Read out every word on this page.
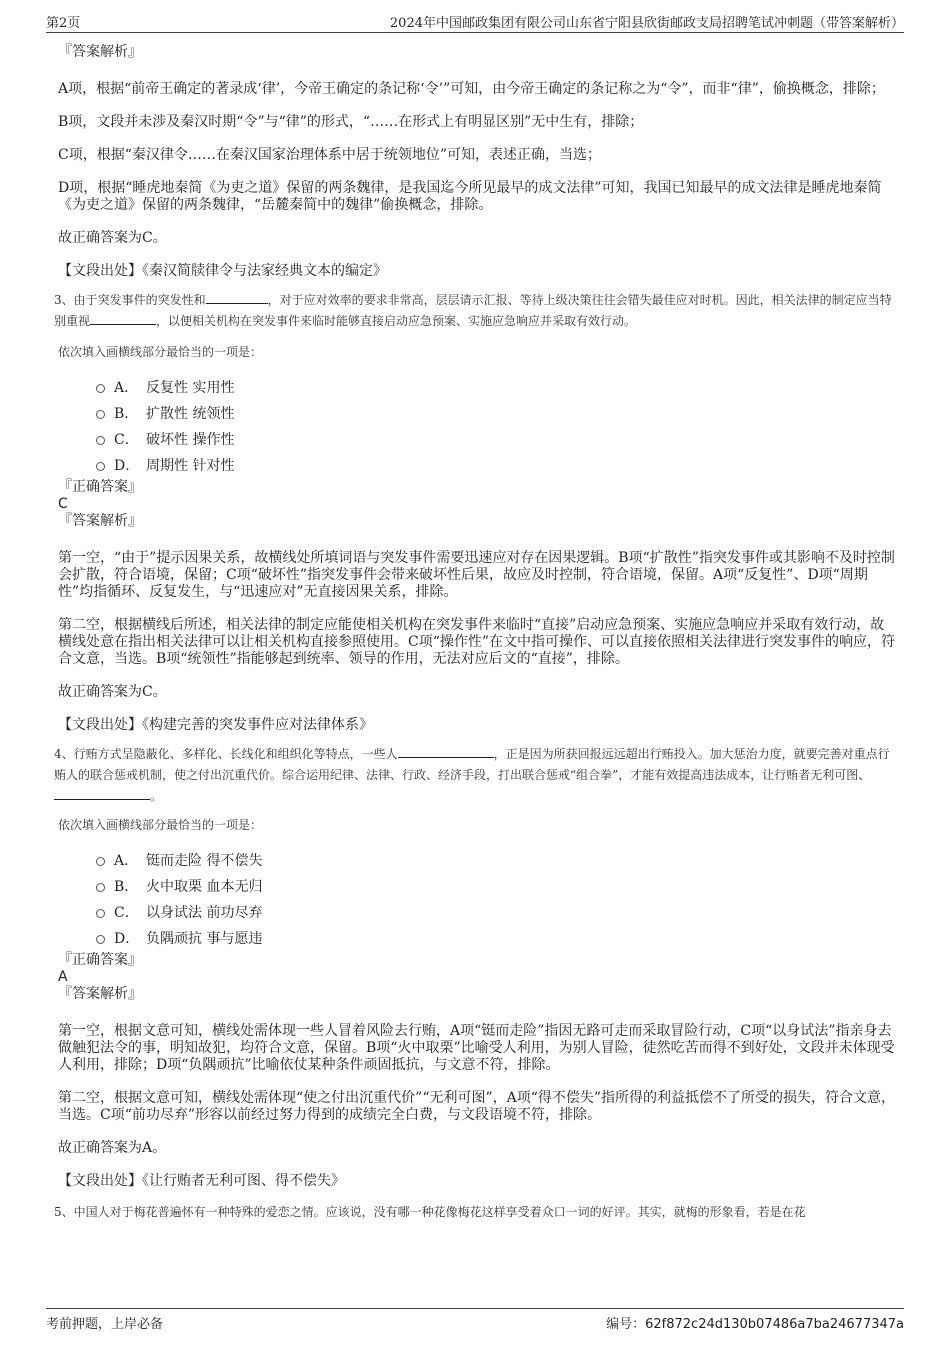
第2页	2024年中国邮政集团有限公司山东省宁阳县欣街邮政支局招聘笔试冲刺题（带答案解析）

『答案解析』

A项，根据“前帝王确定的著录成‘律’，今帝王确定的条记称‘令’”可知，由今帝王确定的条记称之为“令”，而非“律”，偷换概念，排除；

B项，文段并未涉及秦汉时期“令”与“律”的形式，“……在形式上有明显区别”无中生有，排除；

C项，根据“秦汉律令……在秦汉国家治理体系中居于统领地位”可知，表述正确，当选；

D项，根据“睡虎地秦简《为吏之道》保留的两条魏律，是我国迄今所见最早的成文法律”可知，我国已知最早的成文法律是睡虎地秦简《为吏之道》保留的两条魏律，“岳麓秦简中的魏律”偷换概念，排除。

故正确答案为C。

【文段出处】《秦汉简牍律令与法家经典文本的编定》

3、由于突发事件的突发性和	，对于应对效率的要求非常高，层层请示汇报、等待上级决策往往会错失最佳应对时机。因此，相关法律的制定应当特别重视	，以便相关机构在突发事件来临时能够直接启动应急预案、实施应急响应并采取有效行动。

依次填入画横线部分最恰当的一项是：

A． 反复性 实用性
B． 扩散性 统领性
C． 破坏性 操作性
D． 周期性 针对性

『正确答案』

C

『答案解析』

第一空，“由于”提示因果关系，故横线处所填词语与突发事件需要迅速应对存在因果逻辑。B项“扩散性”指突发事件或其影响不及时控制会扩散，符合语境，保留；C项“破坏性”指突发事件会带来破坏性后果，故应及时控制，符合语境，保留。A项“反复性”、D项“周期性”均指循环、反复发生，与“迅速应对”无直接因果关系，排除。

第二空，根据横线后所述，相关法律的制定应能使相关机构在突发事件来临时“直接”启动应急预案、实施应急响应并采取有效行动，故横线处意在指出相关法律可以让相关机构直接参照使用。C项“操作性”在文中指可操作、可以直接依照相关法律进行突发事件的响应，符合文意，当选。B项“统领性”指能够起到统率、领导的作用，无法对应后文的“直接”，排除。

故正确答案为C。

【文段出处】《构建完善的突发事件应对法律体系》

4、行贿方式呈隐蔽化、多样化、长线化和组织化等特点，一些人	，正是因为所获回报远远超出行贿投入。加大惩治力度，就要完善对重点行贿人的联合惩戒机制，使之付出沉重代价。综合运用纪律、法律、行政、经济手段，打出联合惩戒“组合拳”，才能有效提高违法成本，让行贿者无利可图、。

依次填入画横线部分最恰当的一项是：

A． 铤而走险 得不偿失
B． 火中取栗 血本无归
C． 以身试法 前功尽弃
D． 负隅顽抗 事与愿违

『正确答案』

A

『答案解析』

第一空，根据文意可知，横线处需体现一些人冒着风险去行贿，A项“铤而走险”指因无路可走而采取冒险行动，C项“以身试法”指亲身去做触犯法令的事，明知故犯，均符合文意，保留。B项“火中取栗”比喻受人利用，为别人冒险，徒然吃苦而得不到好处，文段并未体现受人利用，排除；D项“负隅顽抗”比喻依仗某种条件顽固抵抗，与文意不符，排除。

第二空，根据文意可知，横线处需体现“使之付出沉重代价”“无利可图”，A项“得不偿失”指所得的利益抵偿不了所受的损失，符合文意，当选。C项“前功尽弃”形容以前经过努力得到的成绩完全白费，与文段语境不符，排除。

故正确答案为A。

【文段出处】《让行贿者无利可图、得不偿失》

5、中国人对于梅花普遍怀有一种特殊的爱恋之情。应该说，没有哪一种花像梅花这样享受着众口一词的好评。其实，就梅的形象看，若是在花

考前押题，上岸必备	编号：62f872c24d130b07486a7ba24677347a
